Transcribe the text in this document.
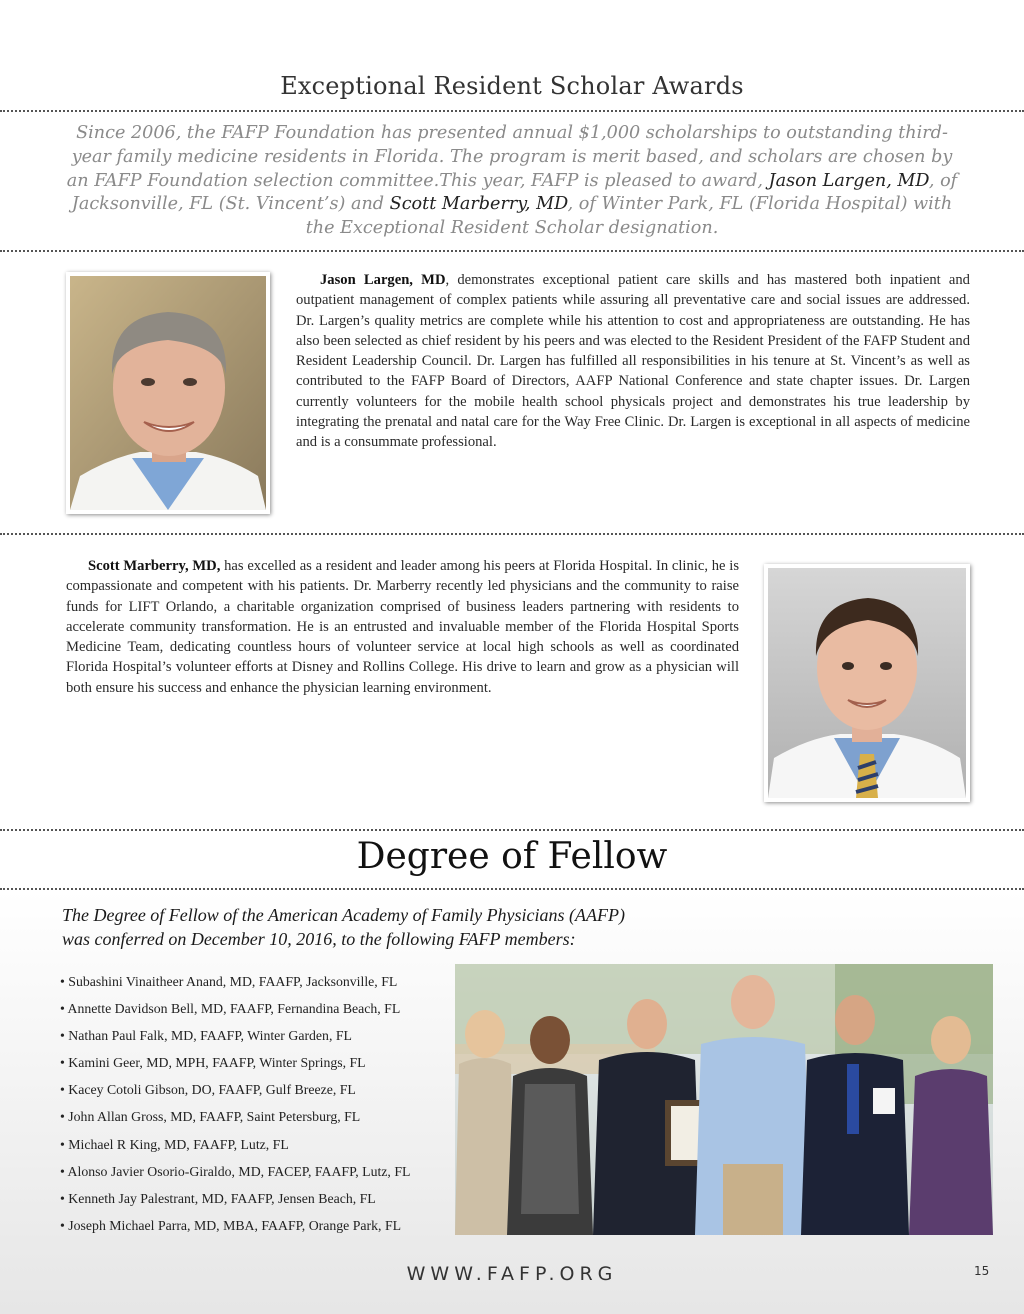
Exceptional Resident Scholar Awards
Since 2006, the FAFP Foundation has presented annual $1,000 scholarships to outstanding third-year family medicine residents in Florida. The program is merit based, and scholars are chosen by an FAFP Foundation selection committee.This year, FAFP is pleased to award, Jason Largen, MD, of Jacksonville, FL (St. Vincent’s) and Scott Marberry, MD, of Winter Park, FL (Florida Hospital) with the Exceptional Resident Scholar designation.
Jason Largen, MD, demonstrates exceptional patient care skills and has mastered both inpatient and outpatient management of complex patients while assuring all preventative care and social issues are addressed. Dr. Largen’s quality metrics are complete while his attention to cost and appropriateness are outstanding. He has also been selected as chief resident by his peers and was elected to the Resident President of the FAFP Student and Resident Leadership Council. Dr. Largen has fulfilled all responsibilities in his tenure at St. Vincent’s as well as contributed to the FAFP Board of Directors, AAFP National Conference and state chapter issues. Dr. Largen currently volunteers for the mobile health school physicals project and demonstrates his true leadership by integrating the prenatal and natal care for the Way Free Clinic. Dr. Largen is exceptional in all aspects of medicine and is a consummate professional.
Scott Marberry, MD, has excelled as a resident and leader among his peers at Florida Hospital. In clinic, he is compassionate and competent with his patients. Dr. Marberry recently led physicians and the community to raise funds for LIFT Orlando, a charitable organization comprised of business leaders partnering with residents to accelerate community transformation. He is an entrusted and invaluable member of the Florida Hospital Sports Medicine Team, dedicating countless hours of volunteer service at local high schools as well as coordinated Florida Hospital’s volunteer efforts at Disney and Rollins College. His drive to learn and grow as a physician will both ensure his success and enhance the physician learning environment.
Degree of Fellow
The Degree of Fellow of the American Academy of Family Physicians (AAFP)
was conferred on December 10, 2016, to the following FAFP members:
• Subashini Vinaitheer Anand, MD, FAAFP, Jacksonville, FL
• Annette Davidson Bell, MD, FAAFP, Fernandina Beach, FL
• Nathan Paul Falk, MD, FAAFP, Winter Garden, FL
• Kamini Geer, MD, MPH, FAAFP, Winter Springs, FL
• Kacey Cotoli Gibson, DO, FAAFP, Gulf Breeze, FL
• John Allan Gross, MD, FAAFP, Saint Petersburg, FL
• Michael R King, MD, FAAFP, Lutz, FL
• Alonso Javier Osorio-Giraldo, MD, FACEP, FAAFP, Lutz, FL
• Kenneth Jay Palestrant, MD, FAAFP, Jensen Beach, FL
• Joseph Michael Parra, MD, MBA, FAAFP, Orange Park, FL
WWW.FAFP.ORG	15
